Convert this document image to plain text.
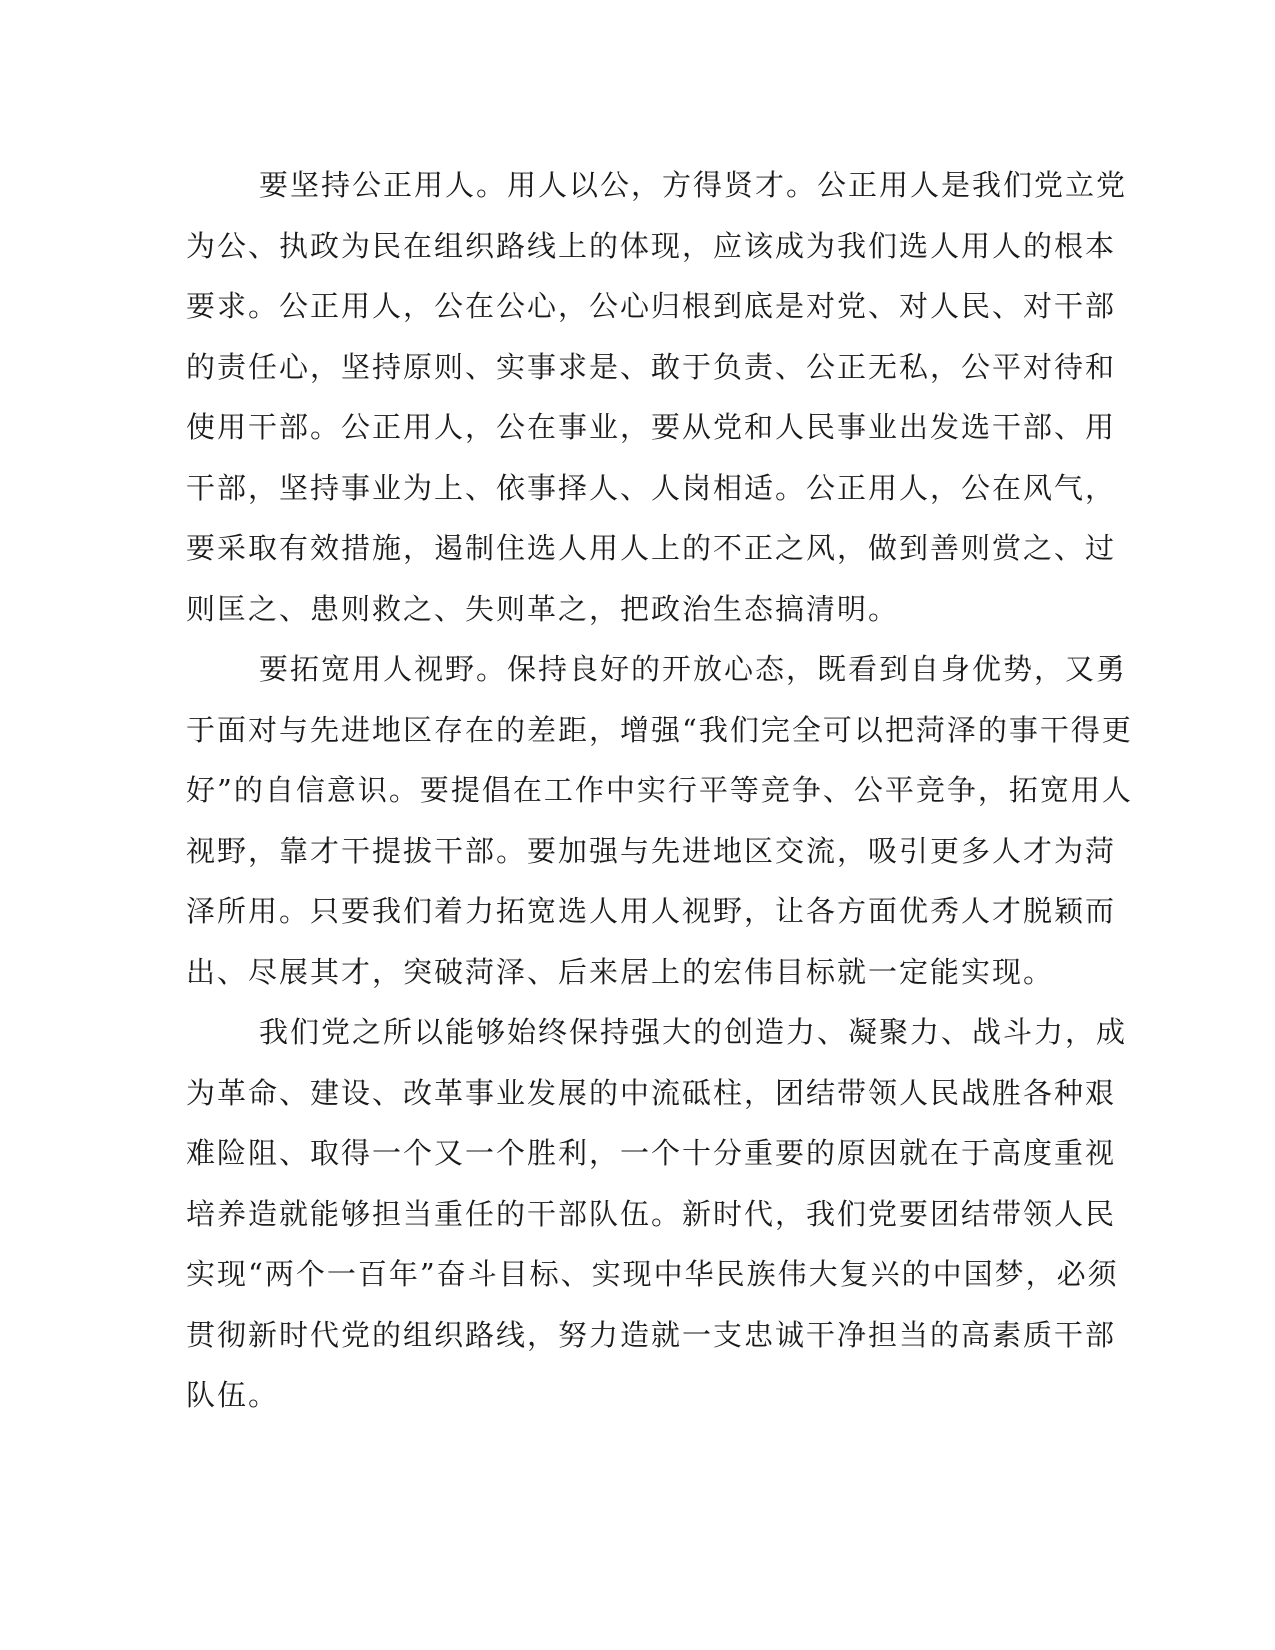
要坚持公正用人。用人以公，方得贤才。公正用人是我们党立党
为公、执政为民在组织路线上的体现，应该成为我们选人用人的根本
要求。公正用人，公在公心，公心归根到底是对党、对人民、对干部
的责任心，坚持原则、实事求是、敢于负责、公正无私，公平对待和
使用干部。公正用人，公在事业，要从党和人民事业出发选干部、用
干部，坚持事业为上、依事择人、人岗相适。公正用人，公在风气，
要采取有效措施，遏制住选人用人上的不正之风，做到善则赏之、过
则匡之、患则救之、失则革之，把政治生态搞清明。
要拓宽用人视野。保持良好的开放心态，既看到自身优势，又勇
于面对与先进地区存在的差距，增强“我们完全可以把菏泽的事干得更
好”的自信意识。要提倡在工作中实行平等竞争、公平竞争，拓宽用人
视野，靠才干提拔干部。要加强与先进地区交流，吸引更多人才为菏
泽所用。只要我们着力拓宽选人用人视野，让各方面优秀人才脱颖而
出、尽展其才，突破菏泽、后来居上的宏伟目标就一定能实现。
我们党之所以能够始终保持强大的创造力、凝聚力、战斗力，成
为革命、建设、改革事业发展的中流砥柱，团结带领人民战胜各种艰
难险阻、取得一个又一个胜利，一个十分重要的原因就在于高度重视
培养造就能够担当重任的干部队伍。新时代，我们党要团结带领人民
实现“两个一百年”奋斗目标、实现中华民族伟大复兴的中国梦，必须
贯彻新时代党的组织路线，努力造就一支忠诚干净担当的高素质干部
队伍。
